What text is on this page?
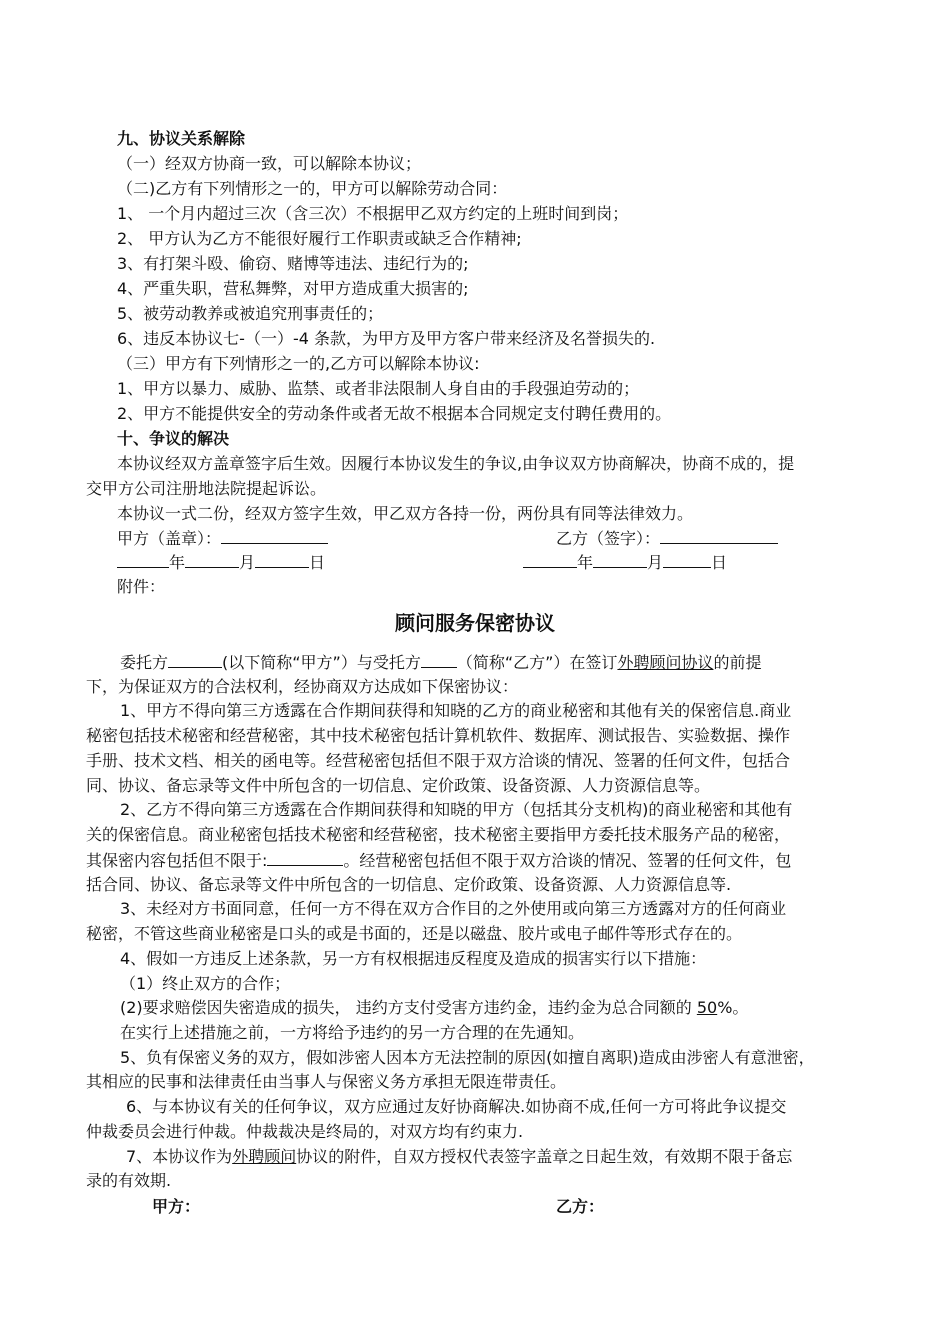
九、协议关系解除
（一）经双方协商一致，可以解除本协议；
（二)乙方有下列情形之一的，甲方可以解除劳动合同：
1、 一个月内超过三次（含三次）不根据甲乙双方约定的上班时间到岗；
2、 甲方认为乙方不能很好履行工作职责或缺乏合作精神;
3、有打架斗殴、偷窃、赌博等违法、违纪行为的;
4、严重失职，营私舞弊，对甲方造成重大损害的;
5、被劳动教养或被追究刑事责任的；
6、违反本协议七-（一）-4 条款，为甲方及甲方客户带来经济及名誉损失的.
（三）甲方有下列情形之一的,乙方可以解除本协议:
1、甲方以暴力、威胁、监禁、或者非法限制人身自由的手段强迫劳动的；
2、甲方不能提供安全的劳动条件或者无故不根据本合同规定支付聘任费用的。
十、争议的解决
本协议经双方盖章签字后生效。因履行本协议发生的争议,由争议双方协商解决，协商不成的，提
交甲方公司注册地法院提起诉讼。
本协议一式二份，经双方签字生效，甲乙双方各持一份，两份具有同等法律效力。
甲方（盖章）：	乙方（签字）：
年	月	日	年	月	日
附件：
顾问服务保密协议
委托方	(以下简称“甲方”）与受托方 （简称“乙方”）在签订外聘顾问协议的前提
下，为保证双方的合法权利，经协商双方达成如下保密协议：
1、甲方不得向第三方透露在合作期间获得和知晓的乙方的商业秘密和其他有关的保密信息.商业
秘密包括技术秘密和经营秘密，其中技术秘密包括计算机软件、数据库、测试报告、实验数据、操作
手册、技术文档、相关的函电等。经营秘密包括但不限于双方洽谈的情况、签署的任何文件，包括合
同、协议、备忘录等文件中所包含的一切信息、定价政策、设备资源、人力资源信息等。
2、乙方不得向第三方透露在合作期间获得和知晓的甲方（包括其分支机构)的商业秘密和其他有
关的保密信息。商业秘密包括技术秘密和经营秘密，技术秘密主要指甲方委托技术服务产品的秘密，
其保密内容包括但不限于:	。经营秘密包括但不限于双方洽谈的情况、签署的任何文件，包
括合同、协议、备忘录等文件中所包含的一切信息、定价政策、设备资源、人力资源信息等.
3、未经对方书面同意，任何一方不得在双方合作目的之外使用或向第三方透露对方的任何商业
秘密，不管这些商业秘密是口头的或是书面的，还是以磁盘、胶片或电子邮件等形式存在的。
4、假如一方违反上述条款，另一方有权根据违反程度及造成的损害实行以下措施：
（1）终止双方的合作；
(2)要求赔偿因失密造成的损失， 违约方支付受害方违约金，违约金为总合同额的 50%。
在实行上述措施之前，一方将给予违约的另一方合理的在先通知。
5、负有保密义务的双方，假如涉密人因本方无法控制的原因(如擅自离职)造成由涉密人有意泄密，
其相应的民事和法律责任由当事人与保密义务方承担无限连带责任。
6、与本协议有关的任何争议，双方应通过友好协商解决.如协商不成,任何一方可将此争议提交
仲裁委员会进行仲裁。仲裁裁决是终局的，对双方均有约束力.
7、本协议作为外聘顾问协议的附件，自双方授权代表签字盖章之日起生效，有效期不限于备忘
录的有效期.
甲方：	乙方：
